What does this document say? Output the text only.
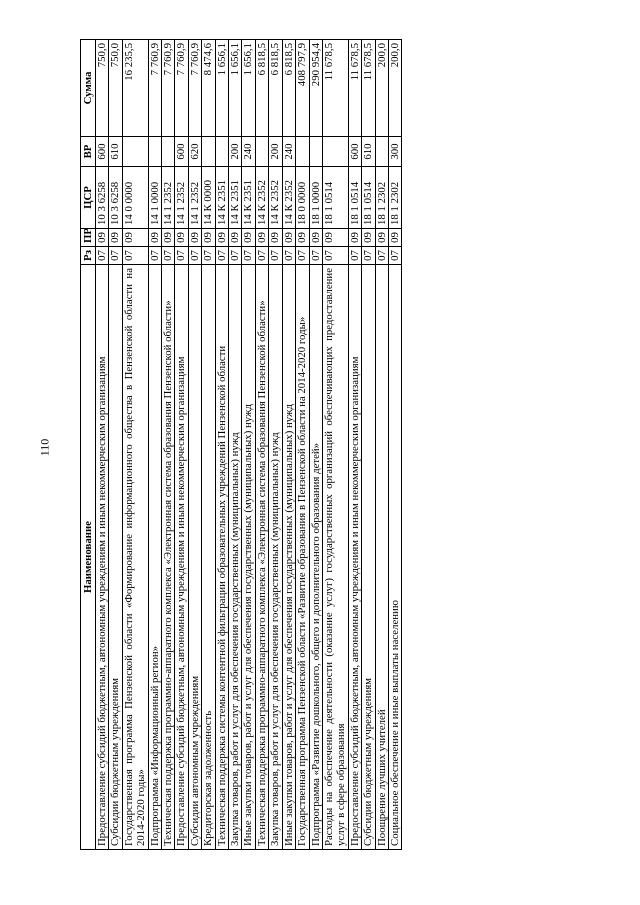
110
Наименование	Рз	ПР	ЦСР	ВР	Сумма
Предоставление субсидий бюджетным, автономным учреждениям и иным некоммерческим организациям	07	09	10 3 6258	600	750,0
Субсидии бюджетным учреждениям	07	09	10 3 6258	610	750,0
Государственная программа Пензенской области «Формирование информационного общества в Пензенской области на 2014-2020 годы»	07	09	14 0 0000		16 235,5
Подпрограмма «Информационный регион»	07	09	14 1 0000		7 760,9
Техническая поддержка программно-аппаратного комплекса «Электронная система образования Пензенской области»	07	09	14 1 2352		7 760,9
Предоставление субсидий бюджетным, автономным учреждениям и иным некоммерческим организациям	07	09	14 1 2352	600	7 760,9
Субсидии автономным учреждениям	07	09	14 1 2352	620	7 760,9
Кредиторская задолженность	07	09	14 К 0000		8 474,6
Техническая поддержка системы контентной фильтрации образовательных учреждений Пензенской области	07	09	14 К 2351		1 656,1
Закупка товаров, работ и услуг для обеспечения государственных (муниципальных) нужд	07	09	14 К 2351	200	1 656,1
Иные закупки товаров, работ и услуг для обеспечения государственных (муниципальных) нужд	07	09	14 К 2351	240	1 656,1
Техническая поддержка программно-аппаратного комплекса «Электронная система образования Пензенской области»	07	09	14 К 2352		6 818,5
Закупка товаров, работ и услуг для обеспечения государственных (муниципальных) нужд	07	09	14 К 2352	200	6 818,5
Иные закупки товаров, работ и услуг для обеспечения государственных (муниципальных) нужд	07	09	14 К 2352	240	6 818,5
Государственная программа Пензенской области «Развитие образования в Пензенской области на 2014-2020 годы»	07	09	18 0 0000		408 797,9
Подпрограмма «Развитие дошкольного, общего и дополнительного образования детей»	07	09	18 1 0000		290 954,4
Расходы на обеспечение деятельности (оказание услуг) государственных организаций обеспечивающих предоставление услуг в сфере образования	07	09	18 1 0514		11 678,5
Предоставление субсидий бюджетным, автономным учреждениям и иным некоммерческим организациям	07	09	18 1 0514	600	11 678,5
Субсидии бюджетным учреждениям	07	09	18 1 0514	610	11 678,5
Поощрение лучших учителей	07	09	18 1 2302		200,0
Социальное обеспечение и иные выплаты населению	07	09	18 1 2302	300	200,0
